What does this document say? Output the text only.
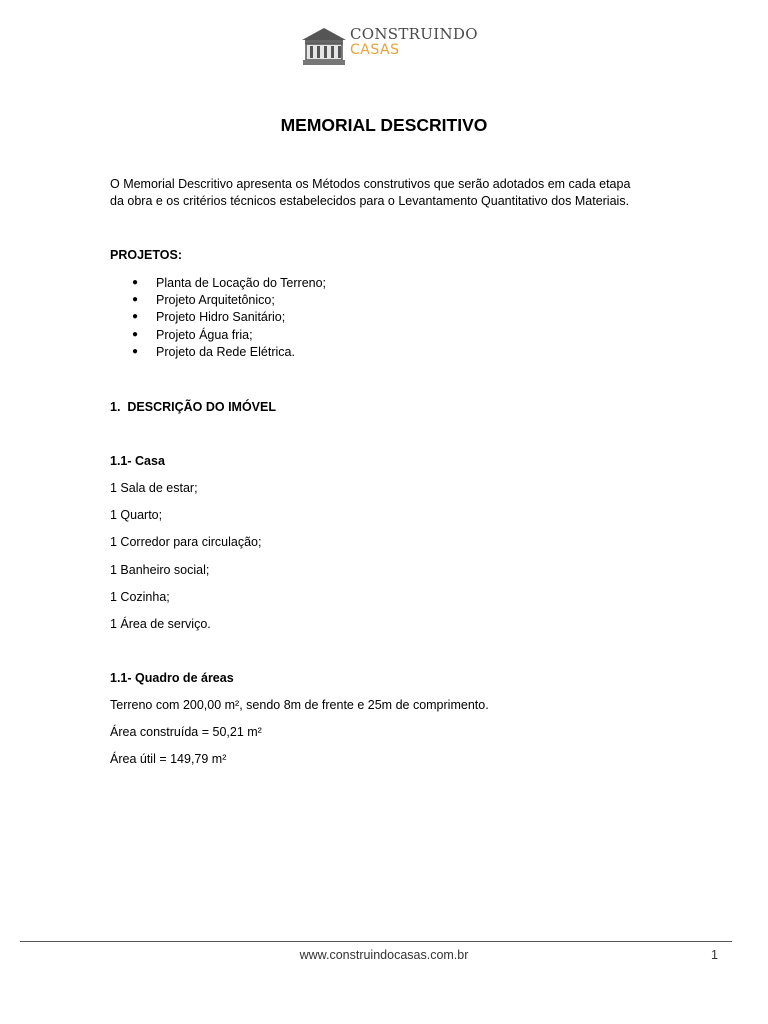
CONSTRUINDO
CASAS
MEMORIAL DESCRITIVO
O Memorial Descritivo apresenta os Métodos construtivos que serão adotados em cada etapa
da obra e os critérios técnicos estabelecidos para o Levantamento Quantitativo dos Materiais.
PROJETOS:
● Planta de Locação do Terreno;
● Projeto Arquitetônico;
● Projeto Hidro Sanitário;
● Projeto Água fria;
● Projeto da Rede Elétrica.
1.  DESCRIÇÃO DO IMÓVEL
1.1- Casa
1 Sala de estar;
1 Quarto;
1 Corredor para circulação;
1 Banheiro social;
1 Cozinha;
1 Área de serviço.
1.1- Quadro de áreas
Terreno com 200,00 m², sendo 8m de frente e 25m de comprimento.
Área construída = 50,21 m²
Área útil = 149,79 m²
www.construindocasas.com.br	1
